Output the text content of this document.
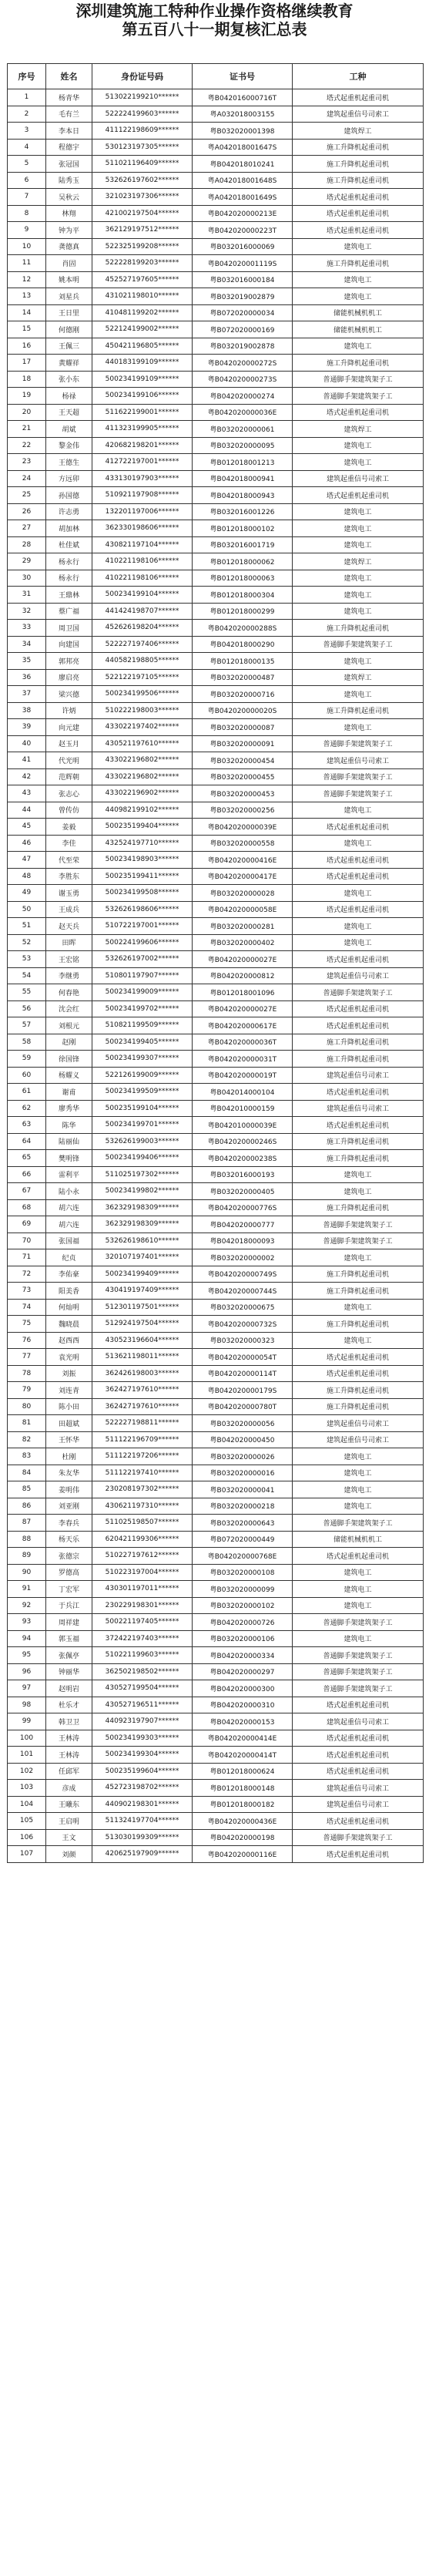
深圳建筑施工特种作业操作资格继续教育
第五百八十一期复核汇总表
序号	姓名	身份证号码	证书号	工种
1	杨青华	513022199210******	粤B042016000716T	塔式起重机起重司机
2	毛有兰	522224199603******	粤A032018003155	建筑起重信号司索工
3	李本日	411122198609******	粤B032020001398	建筑焊工
4	程德宇	530123197305******	粤A042018001647S	施工升降机起重司机
5	张冠国	511021196409******	粤B042018010241	施工升降机起重司机
6	陆秀玉	532626197602******	粤A042018001648S	施工升降机起重司机
7	吴秋云	321023197306******	粤A042018001649S	塔式起重机起重司机
8	林翔	421002197504******	粤B042020000213E	塔式起重机起重司机
9	钟为平	362129197512******	粤B042020000223T	塔式起重机起重司机
10	龚德真	522325199208******	粤B032016000069	建筑电工
11	肖固	522228199203******	粤B042020001119S	施工升降机起重司机
12	姚本明	452527197605******	粤B032016000184	建筑电工
13	刘星兵	431021198010******	粤B032019002879	建筑电工
14	王日里	410481199202******	粤B072020000034	储能机械机机工
15	何德刚	522124199002******	粤B072020000169	储能机械机机工
16	王佩三	450421196805******	粤B032019002878	建筑电工
17	黄耀祥	440183199109******	粤B042020000272S	施工升降机起重司机
18	张小东	500234199109******	粤B042020000273S	普通脚手架建筑架子工
19	杨禄	500234199106******	粤B042020000274	普通脚手架建筑架子工
20	王天超	511622199001******	粤B042020000036E	塔式起重机起重司机
21	胡斌	411323199905******	粤B032020000061	建筑焊工
22	黎金伟	420682198201******	粤B032020000095	建筑电工
23	王德生	412722197001******	粤B012018001213	建筑电工
24	方远卯	433130197903******	粤B042018000941	建筑起重信号司索工
25	孙国德	510921197908******	粤B042018000943	塔式起重机起重司机
26	许志勇	132201197006******	粤B032016001226	建筑电工
27	胡加林	362330198606******	粤B012018000102	建筑电工
28	杜佳斌	430821197104******	粤B032016001719	建筑电工
29	杨永行	410221198106******	粤B012018000062	建筑焊工
30	杨永行	410221198106******	粤B012018000063	建筑电工
31	王鼎林	500234199104******	粤B012018000304	建筑电工
32	蔡广福	441424198707******	粤B012018000299	建筑电工
33	周卫国	452626198204******	粤B042020000288S	施工升降机起重司机
34	向建国	522227197406******	粤B042018000290	普通脚手架建筑架子工
35	郭邦亮	440582198805******	粤B012018000135	建筑电工
36	廖启亮	522122197105******	粤B032020000487	建筑焊工
37	梁兴德	500234199506******	粤B032020000716	建筑电工
38	许炳	510222198003******	粤B042020000020S	施工升降机起重司机
39	向元建	433022197402******	粤B032020000087	建筑电工
40	赵玉月	430521197610******	粤B032020000091	普通脚手架建筑架子工
41	代光明	433022196802******	粤B032020000454	建筑起重信号司索工
42	范辉朝	433022196802******	粤B032020000455	普通脚手架建筑架子工
43	张志心	433022196902******	粤B032020000453	普通脚手架建筑架子工
44	曾传仿	440982199102******	粤B032020000256	建筑电工
45	姜毅	500235199404******	粤B042020000039E	塔式起重机起重司机
46	李佳	432524197710******	粤B032020000558	建筑电工
47	代至荣	500234198903******	粤B042020000416E	塔式起重机起重司机
48	李胜东	500235199411******	粤B042020000417E	塔式起重机起重司机
49	谢玉勇	500234199508******	粤B032020000028	建筑电工
50	王成兵	532626198606******	粤B042020000058E	塔式起重机起重司机
51	赵天兵	510722197001******	粤B032020000281	建筑电工
52	田晖	500224199606******	粤B032020000402	建筑电工
53	王宏铭	532626197002******	粤B042020000027E	塔式起重机起重司机
54	李继勇	510801197907******	粤B042020000812	建筑起重信号司索工
55	何春艳	500234199009******	粤B012018001096	普通脚手架建筑架子工
56	沈会红	500234199702******	粤B042020000027E	塔式起重机起重司机
57	刘根元	510821199509******	粤B042020000617E	塔式起重机起重司机
58	赵刚	500234199405******	粤B042020000036T	施工升降机起重司机
59	徐国锋	500234199307******	粤B042020000031T	施工升降机起重司机
60	杨耀义	522126199009******	粤B042020000019T	建筑起重信号司索工
61	谢甫	500234199509******	粤B042014000104	塔式起重机起重司机
62	廖秀华	500235199104******	粤B042010000159	建筑起重信号司索工
63	陈华	500234199701******	粤B042010000039E	塔式起重机起重司机
64	陆丽仙	532626199003******	粤B042020000246S	施工升降机起重司机
65	樊明锋	500234199406******	粤B042020000238S	施工升降机起重司机
66	雷利平	511025197302******	粤B032016000193	建筑电工
67	陆小永	500234199802******	粤B032020000405	建筑电工
68	胡六连	362329198309******	粤B042020000776S	施工升降机起重司机
69	胡六连	362329198309******	粤B042020000777	普通脚手架建筑架子工
70	张国福	532626198610******	粤B042018000093	普通脚手架建筑架子工
71	纪贞	320107197401******	粤B032020000002	建筑电工
72	李佑豪	500234199409******	粤B042020000749S	施工升降机起重司机
73	阳美香	430419197409******	粤B042020000744S	施工升降机起重司机
74	何灿明	512301197501******	粤B032020000675	建筑电工
75	魏晓晨	512924197504******	粤B042020000732S	施工升降机起重司机
76	赵西西	430523196604******	粤B032020000323	建筑电工
77	袁光明	513621198011******	粤B042020000054T	塔式起重机起重司机
78	刘振	362426198003******	粤B042020000114T	塔式起重机起重司机
79	刘连青	362427197610******	粤B042020000179S	施工升降机起重司机
80	陈小田	362427197610******	粤B042020000780T	施工升降机起重司机
81	田超斌	522227198811******	粤B032020000056	建筑起重信号司索工
82	王怀华	511122196709******	粤B042020000450	建筑起重信号司索工
83	杜刚	511122197206******	粤B032020000026	建筑电工
84	朱友华	511122197410******	粤B032020000016	建筑电工
85	姜明伟	230208197302******	粤B032020000041	建筑电工
86	刘亚刚	430621197310******	粤B032020000218	建筑电工
87	李春兵	511025198507******	粤B032020000643	普通脚手架建筑架子工
88	杨天乐	620421199306******	粤B072020000449	储能机械机机工
89	张德宗	510227197612******	粤B042020000768E	塔式起重机起重司机
90	罗德高	510223197004******	粤B032020000108	建筑电工
91	丁宏军	430301197011******	粤B032020000099	建筑电工
92	于兵江	230229198301******	粤B032020000102	建筑电工
93	周祥建	500221197405******	粤B042020000726	普通脚手架建筑架子工
94	郭玉福	372422197403******	粤B032020000106	建筑电工
95	张佩亭	510221199603******	粤B042020000334	普通脚手架建筑架子工
96	钟丽华	362502198502******	粤B042020000297	普通脚手架建筑架子工
97	赵明岩	430527199504******	粤B042020000300	普通脚手架建筑架子工
98	杜乐才	430527196511******	粤B042020000310	塔式起重机起重司机
99	韩卫卫	440923197907******	粤B042020000153	建筑起重信号司索工
100	王林涛	500234199303******	粤B042020000414E	塔式起重机起重司机
101	王林涛	500234199304******	粤B042020000414T	塔式起重机起重司机
102	任邱军	500235199604******	粤B012018000624	塔式起重机起重司机
103	彦成	452723198702******	粤B012018000148	建筑起重信号司索工
104	王曦东	440902198301******	粤B012018000182	建筑起重信号司索工
105	王启明	511324197704******	粤B042020000436E	塔式起重机起重司机
106	王文	513030199309******	粤B042020000198	普通脚手架建筑架子工
107	刘颜	420625197909******	粤B042020000116E	塔式起重机起重司机
